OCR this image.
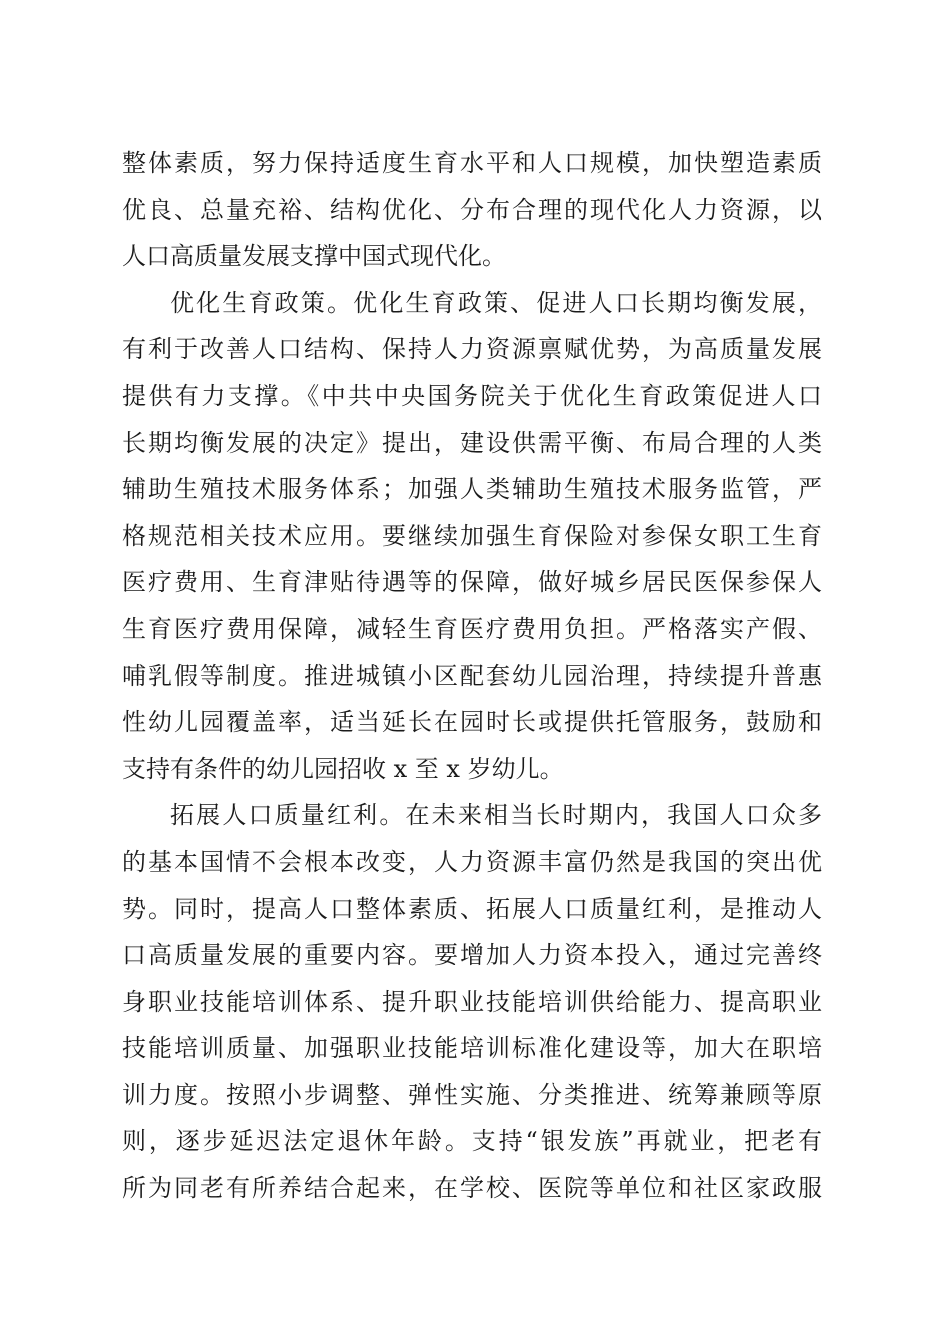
整体素质，努力保持适度生育水平和人口规模，加快塑造素质
优良、总量充裕、结构优化、分布合理的现代化人力资源，以
人口高质量发展支撑中国式现代化。
优化生育政策。优化生育政策、促进人口长期均衡发展，
有利于改善人口结构、保持人力资源禀赋优势，为高质量发展
提供有力支撑。《中共中央国务院关于优化生育政策促进人口
长期均衡发展的决定》提出，建设供需平衡、布局合理的人类
辅助生殖技术服务体系；加强人类辅助生殖技术服务监管，严
格规范相关技术应用。要继续加强生育保险对参保女职工生育
医疗费用、生育津贴待遇等的保障，做好城乡居民医保参保人
生育医疗费用保障，减轻生育医疗费用负担。严格落实产假、
哺乳假等制度。推进城镇小区配套幼儿园治理，持续提升普惠
性幼儿园覆盖率，适当延长在园时长或提供托管服务，鼓励和
支持有条件的幼儿园招收 x 至 x 岁幼儿。
拓展人口质量红利。在未来相当长时期内，我国人口众多
的基本国情不会根本改变，人力资源丰富仍然是我国的突出优
势。同时，提高人口整体素质、拓展人口质量红利，是推动人
口高质量发展的重要内容。要增加人力资本投入，通过完善终
身职业技能培训体系、提升职业技能培训供给能力、提高职业
技能培训质量、加强职业技能培训标准化建设等，加大在职培
训力度。按照小步调整、弹性实施、分类推进、统筹兼顾等原
则，逐步延迟法定退休年龄。支持“银发族”再就业，把老有
所为同老有所养结合起来，在学校、医院等单位和社区家政服
